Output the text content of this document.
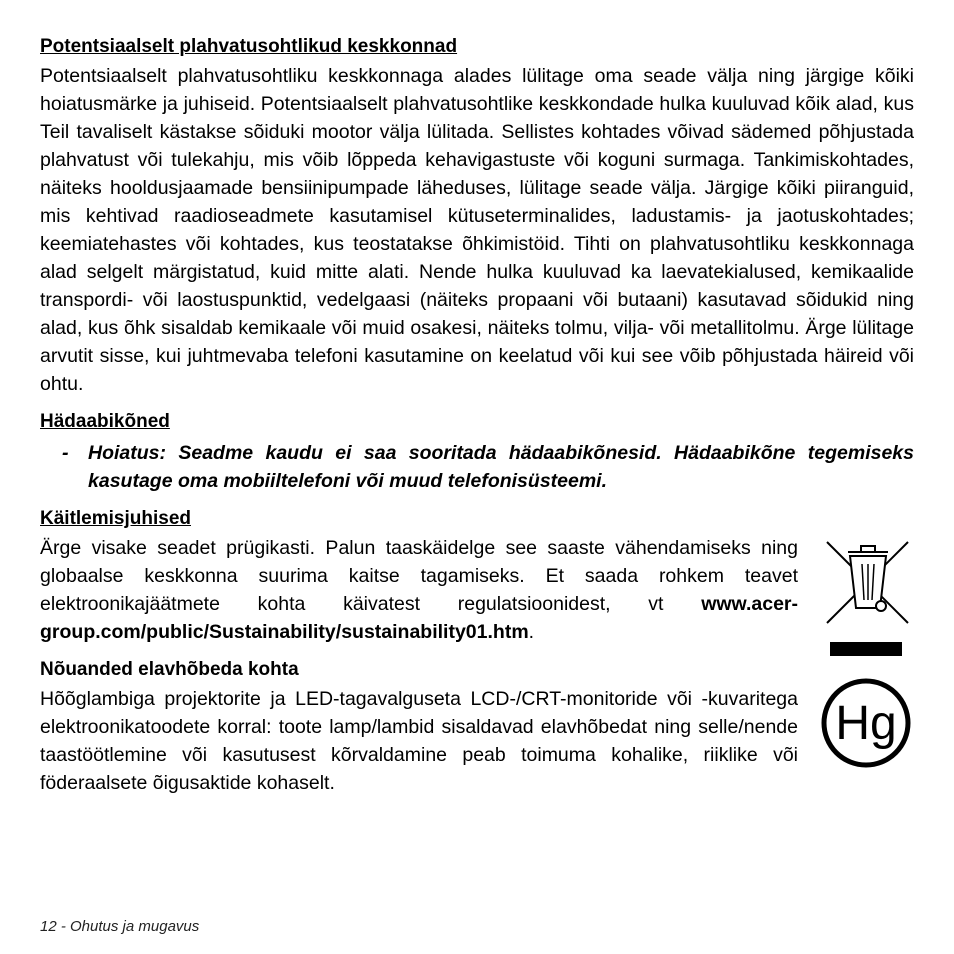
Potentsiaalselt plahvatusohtlikud keskkonnad

Potentsiaalselt plahvatusohtliku keskkonnaga alades lülitage oma seade välja ning järgige kõiki hoiatusmärke ja juhiseid. Potentsiaalselt plahvatusohtlike keskkondade hulka kuuluvad kõik alad, kus Teil tavaliselt kästakse sõiduki mootor välja lülitada. Sellistes kohtades võivad sädemed põhjustada plahvatust või tulekahju, mis võib lõppeda kehavigastuste või koguni surmaga. Tankimiskohtades, näiteks hooldusjaamade bensiinipumpade läheduses, lülitage seade välja. Järgige kõiki piiranguid, mis kehtivad raadioseadmete kasutamisel kütuseterminalides, ladustamis- ja jaotuskohtades; keemiatehastes või kohtades, kus teostatakse õhkimistöid. Tihti on plahvatusohtliku keskkonnaga alad selgelt märgistatud, kuid mitte alati. Nende hulka kuuluvad ka laevatekialused, kemikaalide transpordi- või laostuspunktid, vedelgaasi (näiteks propaani või butaani) kasutavad sõidukid ning alad, kus õhk sisaldab kemikaale või muid osakesi, näiteks tolmu, vilja- või metallitolmu. Ärge lülitage arvutit sisse, kui juhtmevaba telefoni kasutamine on keelatud või kui see võib põhjustada häireid või ohtu.

Hädaabikõned
-	Hoiatus: Seadme kaudu ei saa sooritada hädaabikõnesid. Hädaabikõne tegemiseks kasutage oma mobiiltelefoni või muud telefonisüsteemi.
Käitlemisjuhised

Ärge visake seadet prügikasti. Palun taaskäidelge see saaste vähendamiseks ning globaalse keskkonna suurima kaitse tagamiseks. Et saada rohkem teavet elektroonikajäätmete kohta käivatest regulatsioonidest, vt www.acer-group.com/public/Sustainability/sustainability01.htm.

Nõuanded elavhõbeda kohta

Hõõglambiga projektorite ja LED-tagavalguseta LCD-/CRT-monitoride või -kuvaritega elektroonikatoodete korral: toote lamp/lambid sisaldavad elavhõbedat ning selle/nende taastöötlemine või kasutusest kõrvaldamine peab toimuma kohalike, riiklike või föderaalsete õigusaktide kohaselt.

Hg
12 - Ohutus ja mugavus
